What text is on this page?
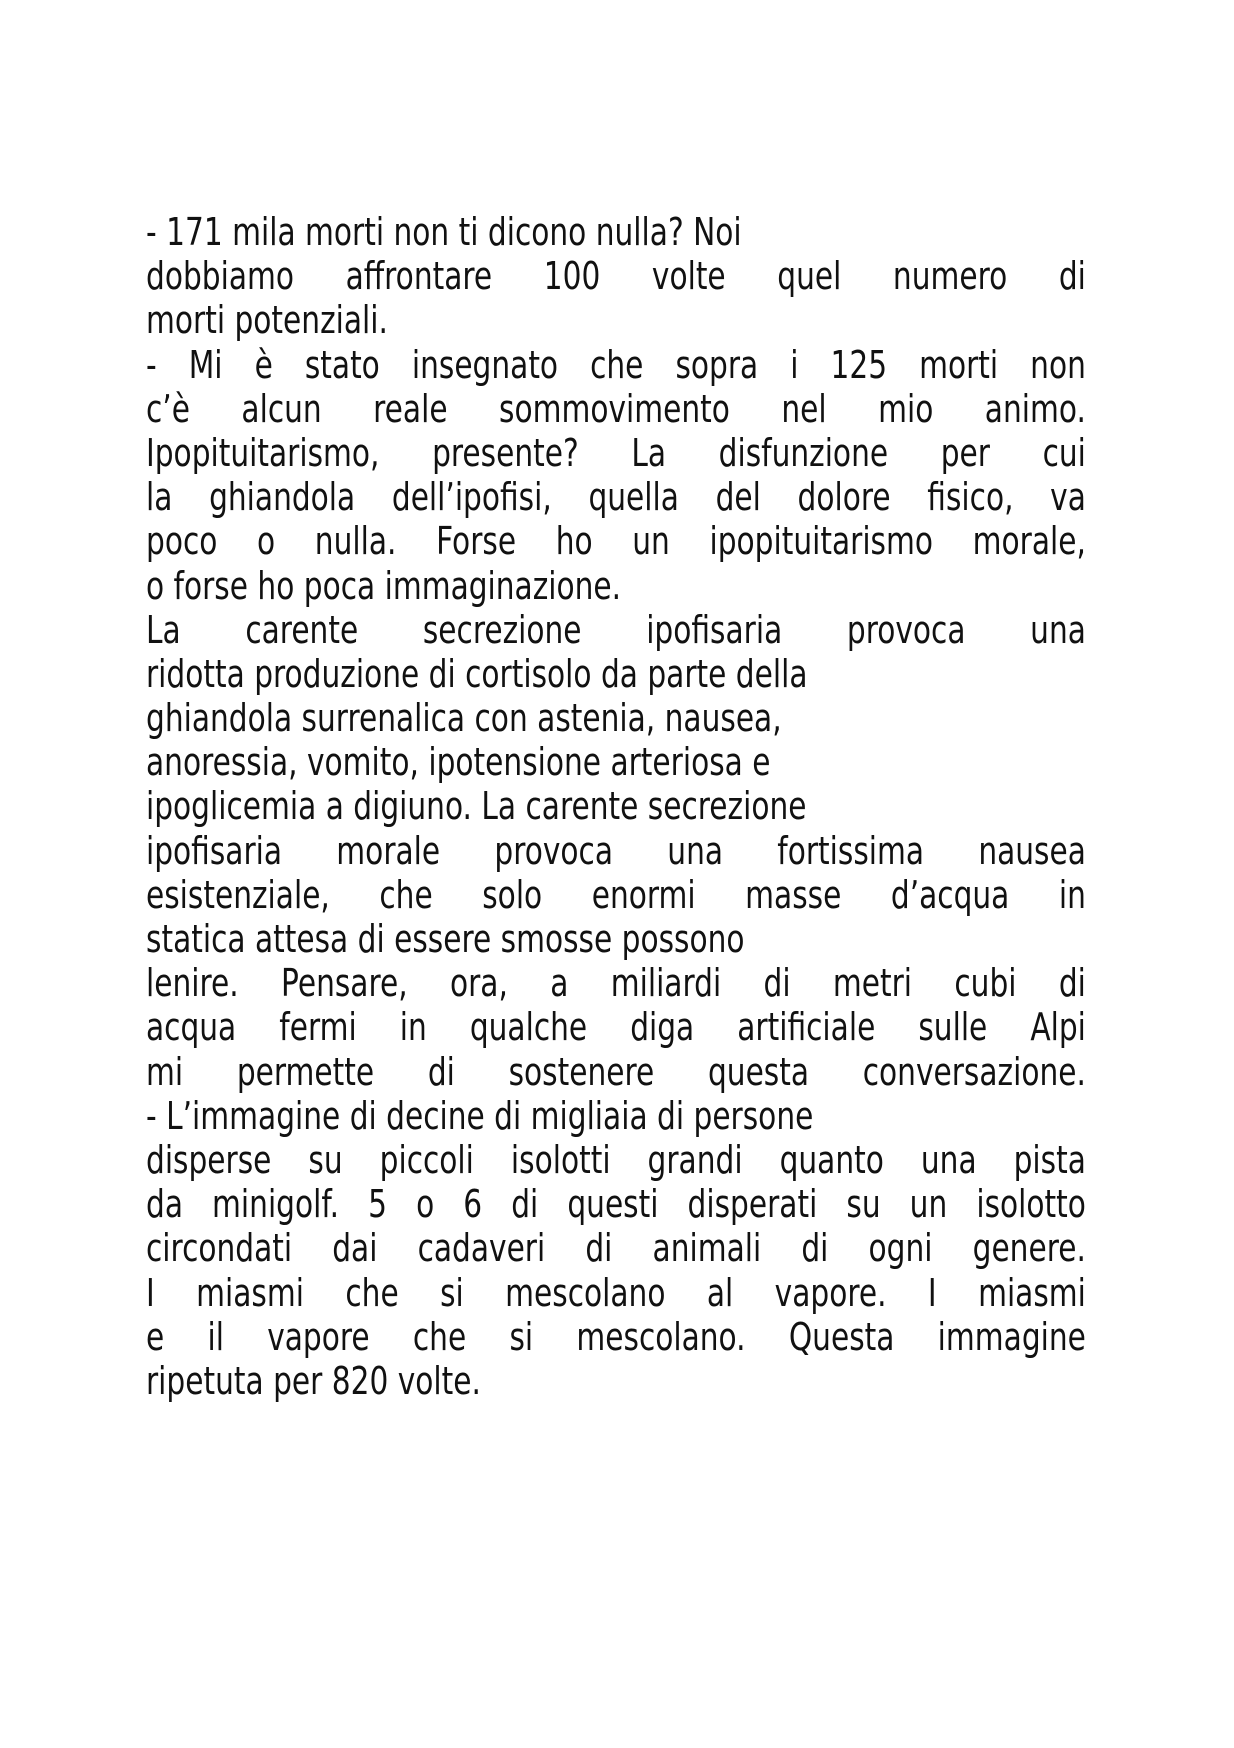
- 171 mila morti non ti dicono nulla? Noi
dobbiamo affrontare 100 volte quel numero di
morti potenziali.
- Mi è stato insegnato che sopra i 125 morti non
c’è alcun reale sommovimento nel mio animo.
Ipopituitarismo, presente? La disfunzione per cui
la ghiandola dell’ipofisi, quella del dolore fisico, va
poco o nulla. Forse ho un ipopituitarismo morale,
o forse ho poca immaginazione.
La carente secrezione ipofisaria provoca una
ridotta produzione di cortisolo da parte della
ghiandola surrenalica con astenia, nausea,
anoressia, vomito, ipotensione arteriosa e
ipoglicemia a digiuno. La carente secrezione
ipofisaria morale provoca una fortissima nausea
esistenziale, che solo enormi masse d’acqua in
statica attesa di essere smosse possono
lenire. Pensare, ora, a miliardi di metri cubi di
acqua fermi in qualche diga artificiale sulle Alpi
mi permette di sostenere questa conversazione.
- L’immagine di decine di migliaia di persone
disperse su piccoli isolotti grandi quanto una pista
da minigolf. 5 o 6 di questi disperati su un isolotto
circondati dai cadaveri di animali di ogni genere.
I miasmi che si mescolano al vapore. I miasmi
e il vapore che si mescolano. Questa immagine
ripetuta per 820 volte.
